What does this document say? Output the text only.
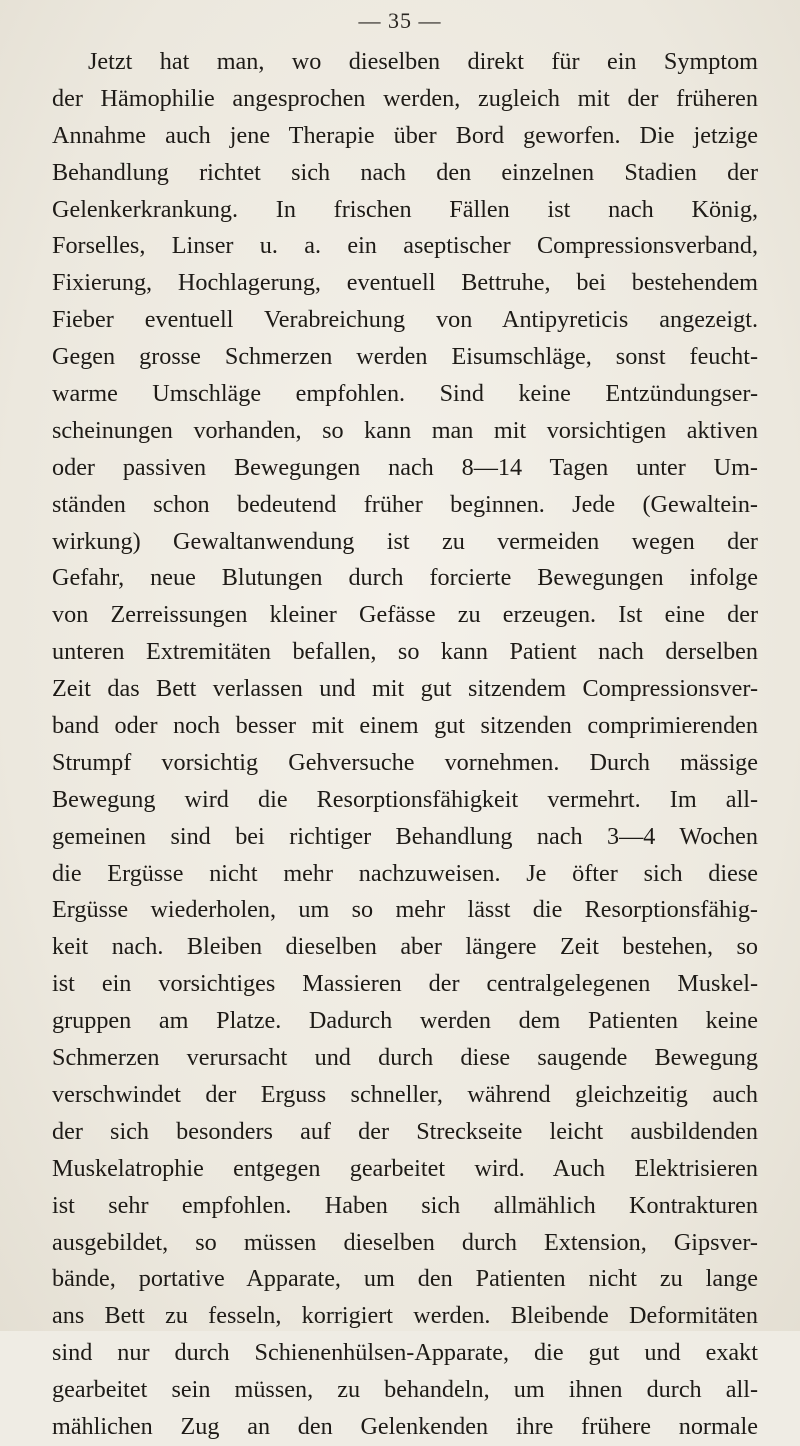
— 35 —
Jetzt hat man, wo dieselben direkt für ein Symptom
der Hämophilie angesprochen werden, zugleich mit der früheren
Annahme auch jene Therapie über Bord geworfen. Die jetzige
Behandlung richtet sich nach den einzelnen Stadien der
Gelenkerkrankung. In frischen Fällen ist nach König,
Forselles, Linser u. a. ein aseptischer Compressionsverband,
Fixierung, Hochlagerung, eventuell Bettruhe, bei bestehendem
Fieber eventuell Verabreichung von Antipyreticis angezeigt.
Gegen grosse Schmerzen werden Eisumschläge, sonst feucht-
warme Umschläge empfohlen. Sind keine Entzündungser-
scheinungen vorhanden, so kann man mit vorsichtigen aktiven
oder passiven Bewegungen nach 8—14 Tagen unter Um-
ständen schon bedeutend früher beginnen. Jede (Gewaltein-
wirkung) Gewaltanwendung ist zu vermeiden wegen der
Gefahr, neue Blutungen durch forcierte Bewegungen infolge
von Zerreissungen kleiner Gefässe zu erzeugen. Ist eine der
unteren Extremitäten befallen, so kann Patient nach derselben
Zeit das Bett verlassen und mit gut sitzendem Compressionsver-
band oder noch besser mit einem gut sitzenden comprimierenden
Strumpf vorsichtig Gehversuche vornehmen. Durch mässige
Bewegung wird die Resorptionsfähigkeit vermehrt. Im all-
gemeinen sind bei richtiger Behandlung nach 3—4 Wochen
die Ergüsse nicht mehr nachzuweisen. Je öfter sich diese
Ergüsse wiederholen, um so mehr lässt die Resorptionsfähig-
keit nach. Bleiben dieselben aber längere Zeit bestehen, so
ist ein vorsichtiges Massieren der centralgelegenen Muskel-
gruppen am Platze. Dadurch werden dem Patienten keine
Schmerzen verursacht und durch diese saugende Bewegung
verschwindet der Erguss schneller, während gleichzeitig auch
der sich besonders auf der Streckseite leicht ausbildenden
Muskelatrophie entgegen gearbeitet wird. Auch Elektrisieren
ist sehr empfohlen. Haben sich allmählich Kontrakturen
ausgebildet, so müssen dieselben durch Extension, Gipsver-
bände, portative Apparate, um den Patienten nicht zu lange
ans Bett zu fesseln, korrigiert werden. Bleibende Deformitäten
sind nur durch Schienenhülsen-Apparate, die gut und exakt
gearbeitet sein müssen, zu behandeln, um ihnen durch all-
mählichen Zug an den Gelenkenden ihre frühere normale
